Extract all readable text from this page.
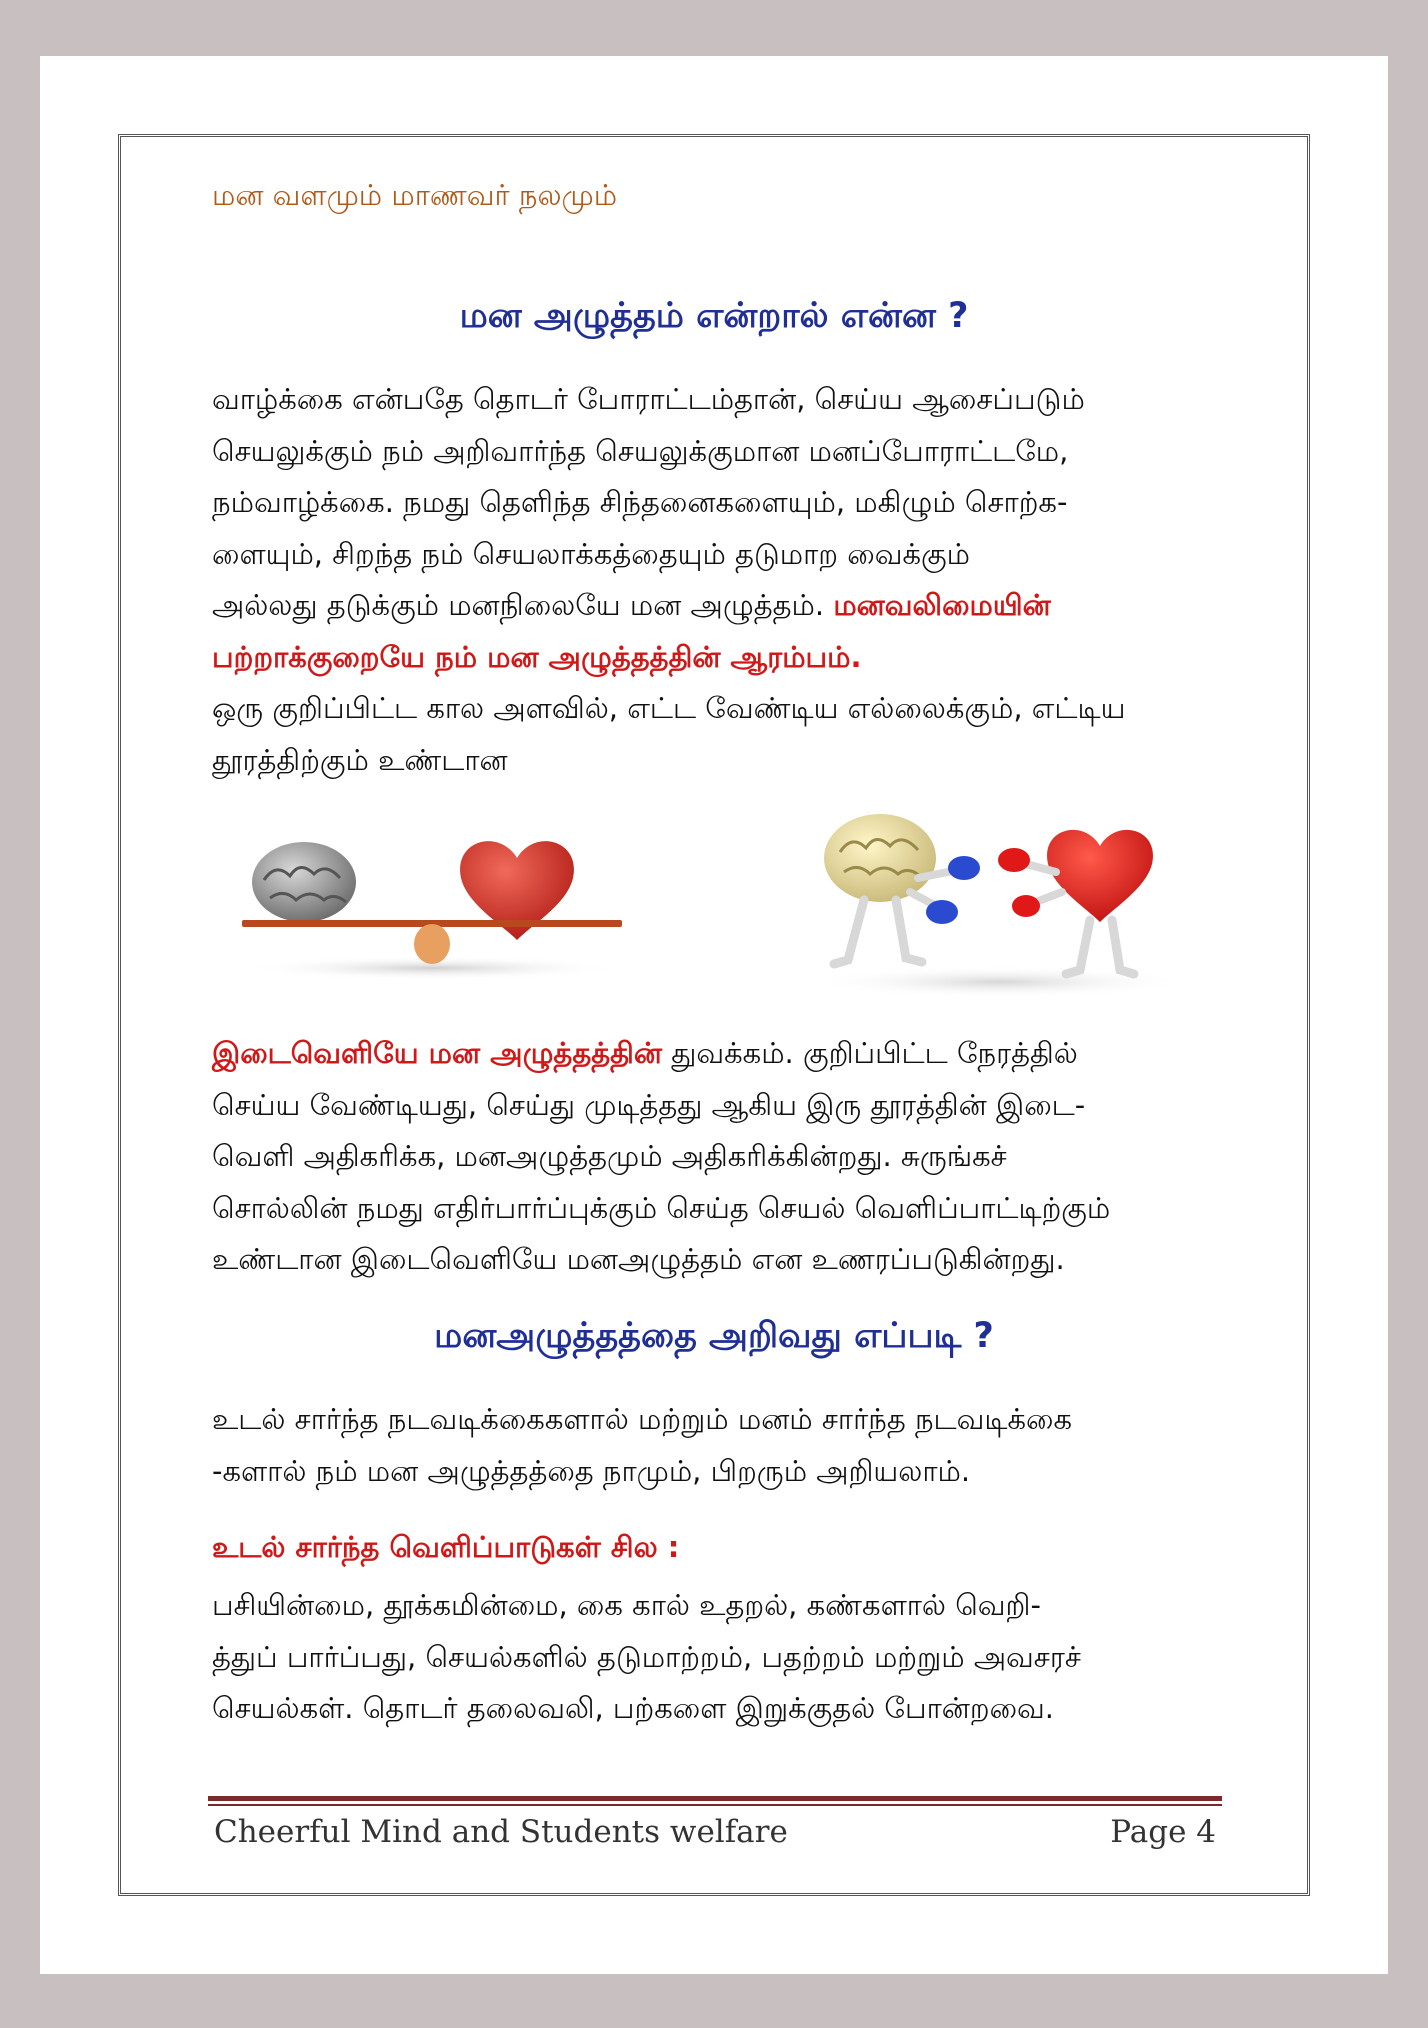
மன வளமும் மாணவர் நலமும்
மன அழுத்தம் என்றால் என்ன ?

வாழ்க்கை என்பதே தொடர் போராட்டம்தான், செய்ய ஆசைப்படும்
செயலுக்கும் நம் அறிவார்ந்த செயலுக்குமான மனப்போராட்டமே,
நம்வாழ்க்கை. நமது தெளிந்த சிந்தனைகளையும், மகிழும் சொற்க-
ளையும், சிறந்த நம் செயலாக்கத்தையும் தடுமாற வைக்கும்
அல்லது தடுக்கும் மனநிலையே மன அழுத்தம். மனவலிமையின்
பற்றாக்குறையே நம் மன அழுத்தத்தின் ஆரம்பம்.
ஒரு குறிப்பிட்ட கால அளவில், எட்ட வேண்டிய எல்லைக்கும், எட்டிய
தூரத்திற்கும் உண்டான

இடைவெளியே மன அழுத்தத்தின் துவக்கம். குறிப்பிட்ட நேரத்தில்
செய்ய வேண்டியது, செய்து முடித்தது ஆகிய இரு தூரத்தின் இடை-
வெளி அதிகரிக்க, மனஅழுத்தமும் அதிகரிக்கின்றது. சுருங்கச்
சொல்லின் நமது எதிர்பார்ப்புக்கும் செய்த செயல் வெளிப்பாட்டிற்கும்
உண்டான இடைவெளியே மனஅழுத்தம் என உணரப்படுகின்றது.

மனஅழுத்தத்தை அறிவது எப்படி ?

உடல் சார்ந்த நடவடிக்கைகளால் மற்றும் மனம் சார்ந்த நடவடிக்கை
-களால் நம் மன அழுத்தத்தை நாமும், பிறரும் அறியலாம்.

உடல் சார்ந்த வெளிப்பாடுகள் சில :

பசியின்மை, தூக்கமின்மை, கை கால் உதறல், கண்களால் வெறி-
த்துப் பார்ப்பது, செயல்களில் தடுமாற்றம், பதற்றம் மற்றும் அவசரச்
செயல்கள். தொடர் தலைவலி, பற்களை இறுக்குதல் போன்றவை.

Cheerful Mind and Students welfare	Page 4
